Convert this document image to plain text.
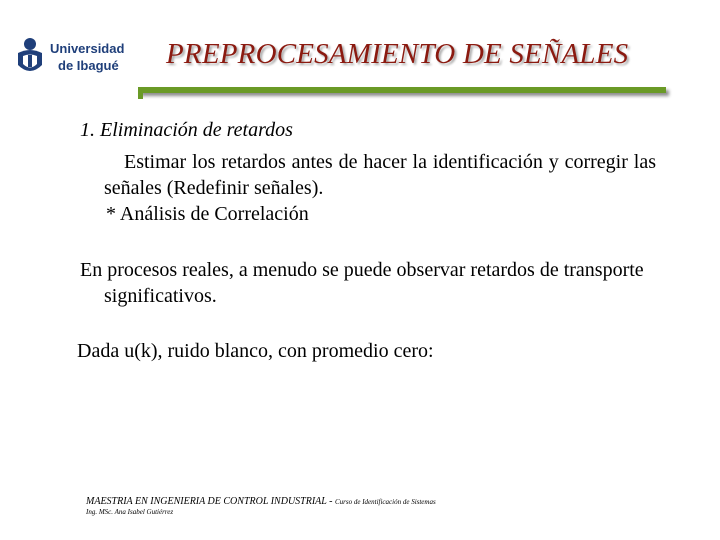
Universidad
de Ibagué PREPROCESAMIENTO DE SEÑALES
1. Eliminación de retardos

Estimar los retardos antes de hacer la identificación y corregir las señales (Redefinir señales).
* Análisis de Correlación

En procesos reales, a menudo se puede observar retardos de transporte significativos.

Dada u(k), ruido blanco, con promedio cero:

MAESTRIA EN INGENIERIA DE CONTROL INDUSTRIAL - Curso de Identificación de Sistemas
Ing. MSc. Ana Isabel Gutiérrez
